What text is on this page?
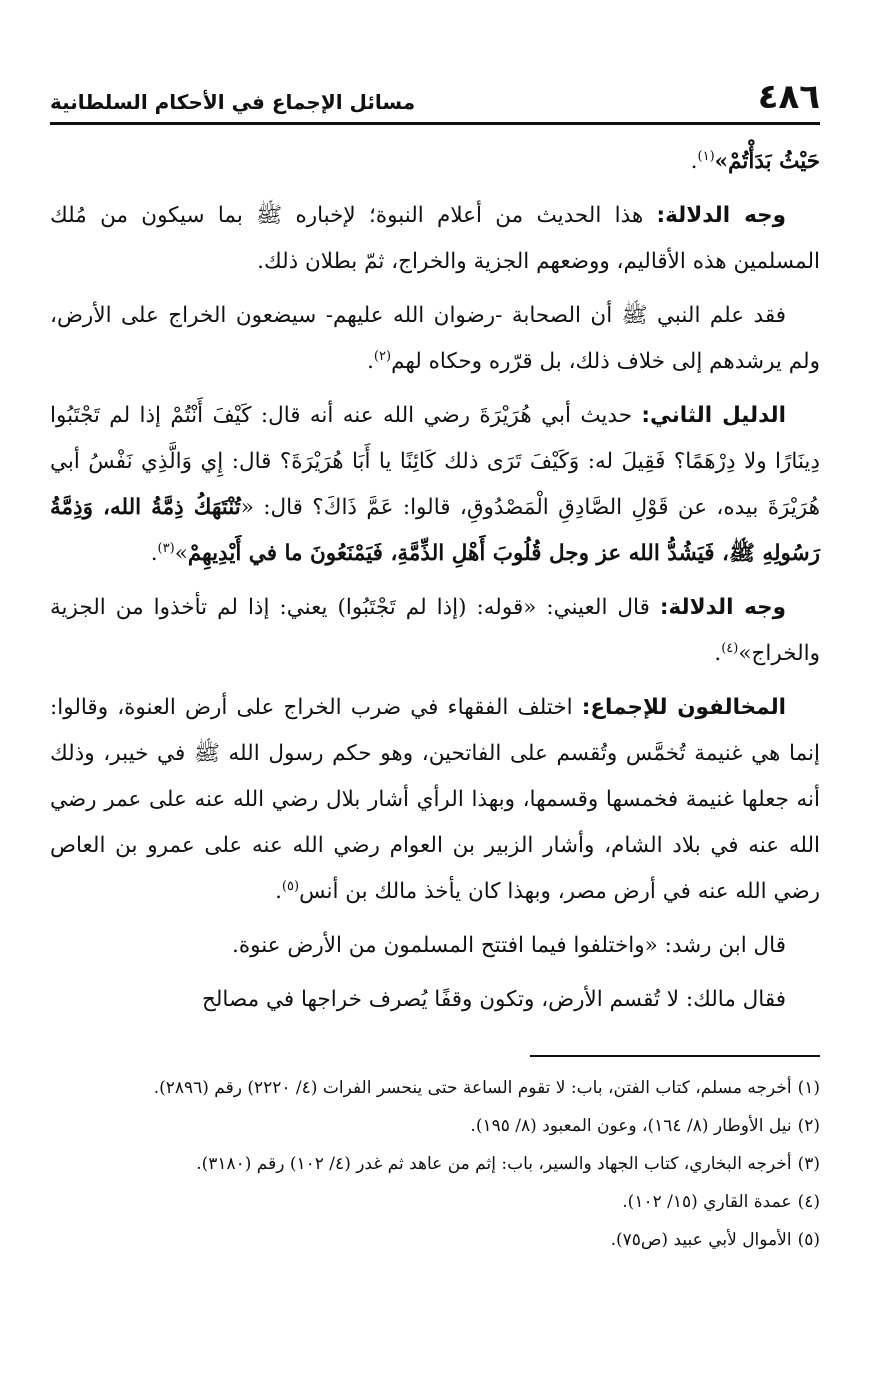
٤٨٦
مسائل الإجماع في الأحكام السلطانية

حَيْثُ بَدَأْتُمْ»$^{(١)}$.

وجه الدلالة: هذا الحديث من أعلام النبوة؛ لإخباره ﷺ بما سيكون من مُلك المسلمين هذه الأقاليم، ووضعهم الجزية والخراج، ثمّ بطلان ذلك.

فقد علم النبي ﷺ أن الصحابة -رضوان الله عليهم- سيضعون الخراج على الأرض، ولم يرشدهم إلى خلاف ذلك، بل قرّره وحكاه لهم$^{(٢)}$.

الدليل الثاني: حديث أبي هُرَيْرَةَ رضي الله عنه أنه قال: كَيْفَ أَنْتُمْ إذا لم تَجْتَبُوا دِينَارًا ولا دِرْهَمًا؟ فَقِيلَ له: وَكَيْفَ تَرَى ذلك كَائِنًا يا أَبَا هُرَيْرَةَ؟ قال: إِي وَالَّذِي نَفْسُ أبي هُرَيْرَةَ بيده، عن قَوْلِ الصَّادِقِ الْمَصْدُوقِ، قالوا: عَمَّ ذَاكَ؟ قال: «تُنْتَهَكُ ذِمَّةُ الله، وَذِمَّةُ رَسُولِهِ ﷺ، فَيَشُدُّ الله عز وجل قُلُوبَ أَهْلِ الذِّمَّةِ، فَيَمْنَعُونَ ما في أَيْدِيهِمْ»$^{(٣)}$.

وجه الدلالة: قال العيني: «قوله: (إذا لم تَجْتَبُوا) يعني: إذا لم تأخذوا من الجزية والخراج»$^{(٤)}$.

المخالفون للإجماع: اختلف الفقهاء في ضرب الخراج على أرض العنوة، وقالوا: إنما هي غنيمة تُخمَّس وتُقسم على الفاتحين، وهو حكم رسول الله ﷺ في خيبر، وذلك أنه جعلها غنيمة فخمسها وقسمها، وبهذا الرأي أشار بلال رضي الله عنه على عمر رضي الله عنه في بلاد الشام، وأشار الزبير بن العوام رضي الله عنه على عمرو بن العاص رضي الله عنه في أرض مصر، وبهذا كان يأخذ مالك بن أنس$^{(٥)}$.

قال ابن رشد: «واختلفوا فيما افتتح المسلمون من الأرض عنوة.

فقال مالك: لا تُقسم الأرض، وتكون وقفًا يُصرف خراجها في مصالح

(١)أخرجه مسلم، كتاب الفتن، باب: لا تقوم الساعة حتى ينحسر الفرات (٤/ ٢٢٢٠) رقم (٢٨٩٦).

(٢)نيل الأوطار (٨/ ١٦٤)، وعون المعبود (٨/ ١٩٥).

(٣)أخرجه البخاري، كتاب الجهاد والسير، باب: إثم من عاهد ثم غدر (٤/ ١٠٢) رقم (٣١٨٠).

(٤)عمدة القاري (١٥/ ١٠٢).

(٥)الأموال لأبي عبيد (ص٧٥).
